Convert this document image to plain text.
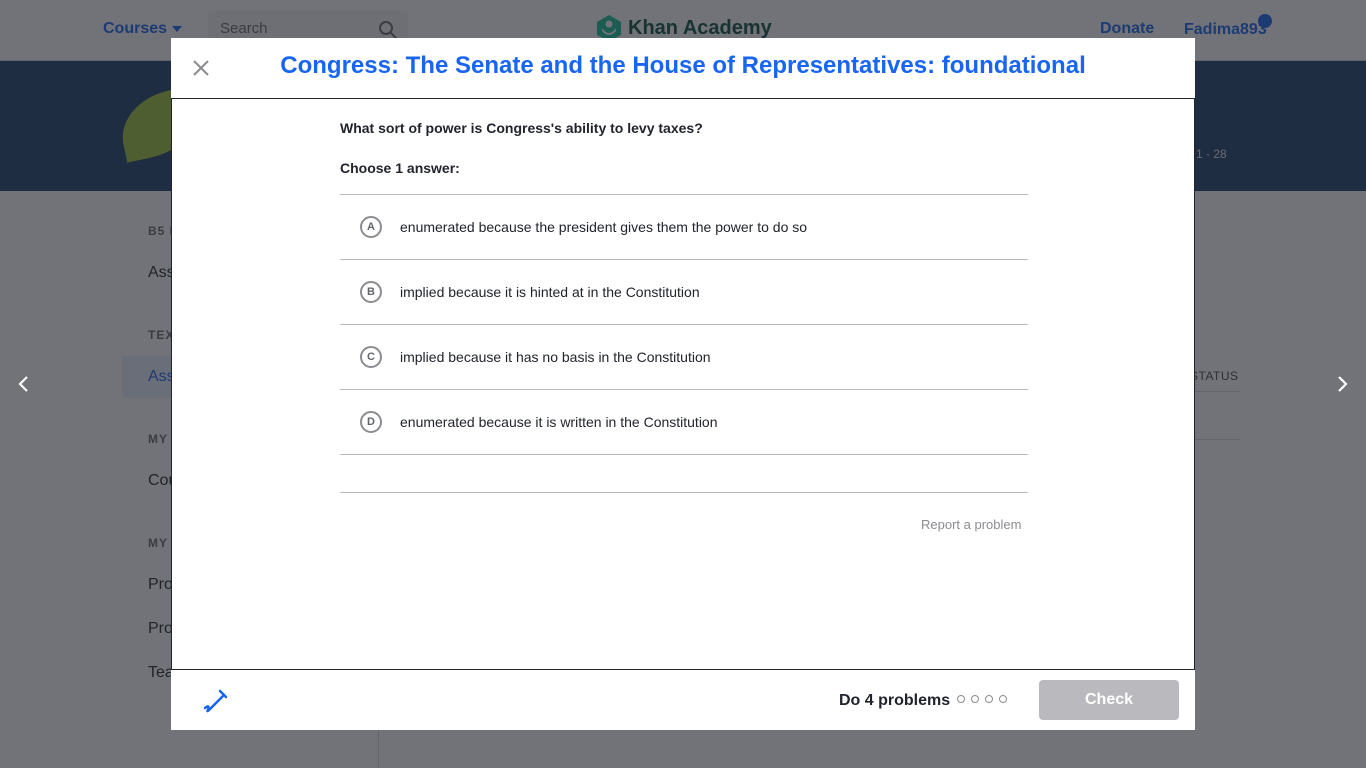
Search
Congress: The Senate and the House of Representatives: foundational
What sort of power is Congress's ability to levy taxes?
Choose 1 answer:
A	enumerated because the president gives them the power to do so
B	implied because it is hinted at in the Constitution
C	implied because it has no basis in the Constitution
D	enumerated because it is written in the Constitution
Report a problem
Do 4 problems	Check
